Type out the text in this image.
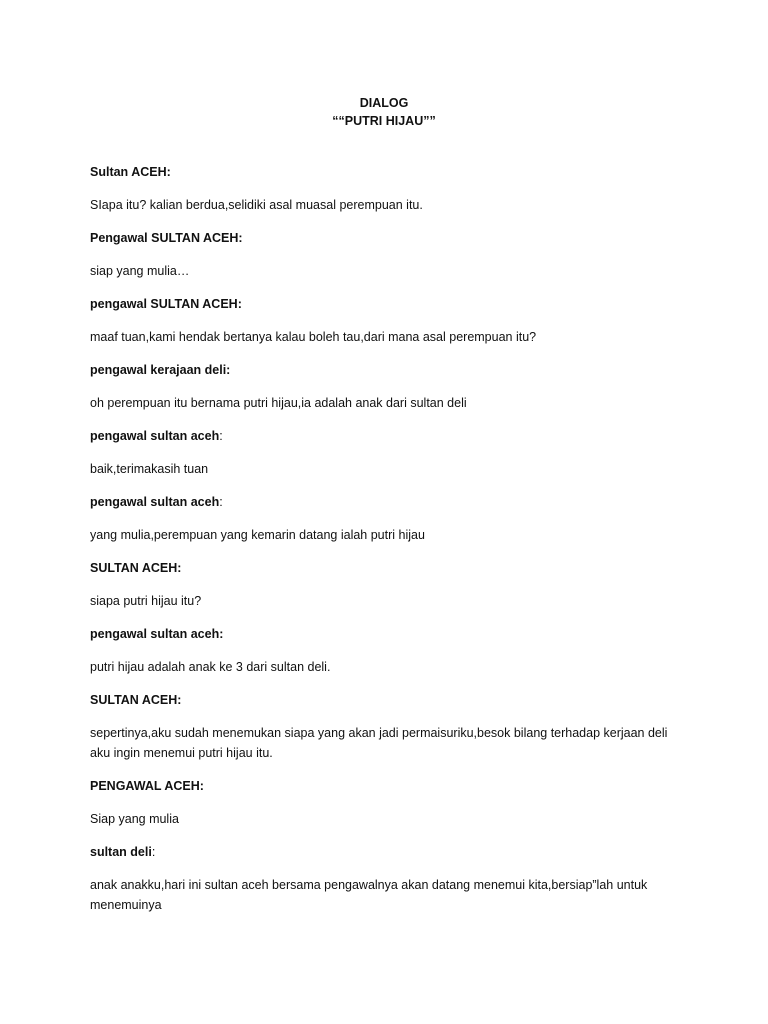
DIALOG
““PUTRI HIJAU””

Sultan ACEH:

SIapa itu? kalian berdua,selidiki asal muasal perempuan itu.

Pengawal SULTAN ACEH:

siap yang mulia…

pengawal SULTAN ACEH:

maaf tuan,kami hendak bertanya kalau boleh tau,dari mana asal perempuan itu?

pengawal kerajaan deli:

oh perempuan itu bernama putri hijau,ia adalah anak dari sultan deli

pengawal sultan aceh:

baik,terimakasih tuan

pengawal sultan aceh:

yang mulia,perempuan yang kemarin datang ialah putri hijau

SULTAN ACEH:

siapa putri hijau itu?

pengawal sultan aceh:

putri hijau adalah anak ke 3 dari sultan deli.

SULTAN ACEH:

sepertinya,aku sudah menemukan siapa yang akan jadi permaisuriku,besok bilang terhadap kerjaan deli aku ingin menemui putri hijau itu.

PENGAWAL ACEH:

Siap yang mulia

sultan deli:

anak anakku,hari ini sultan aceh bersama pengawalnya akan datang menemui kita,bersiap”lah untuk menemuinya
